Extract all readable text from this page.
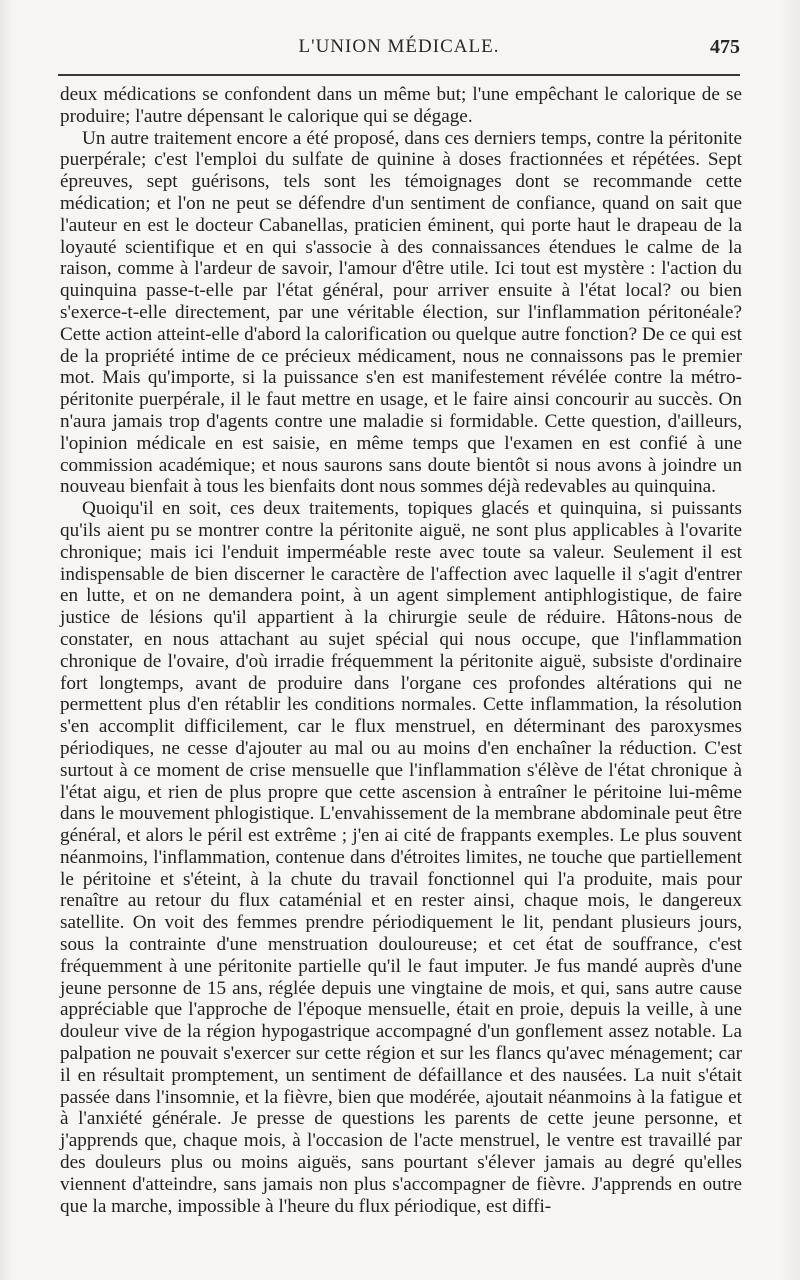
L'UNION MÉDICALE.	475

deux médications se confondent dans un même but; l'une empêchant le calorique de se produire; l'autre dépensant le calorique qui se dégage.

Un autre traitement encore a été proposé, dans ces derniers temps, contre la péritonite puerpérale; c'est l'emploi du sulfate de quinine à doses fractionnées et répétées. Sept épreuves, sept guérisons, tels sont les témoignages dont se recommande cette médication; et l'on ne peut se défendre d'un sentiment de confiance, quand on sait que l'auteur en est le docteur Cabanellas, praticien éminent, qui porte haut le drapeau de la loyauté scientifique et en qui s'associe à des connaissances étendues le calme de la raison, comme à l'ardeur de savoir, l'amour d'être utile. Ici tout est mystère : l'action du quinquina passe-t-elle par l'état général, pour arriver ensuite à l'état local? ou bien s'exerce-t-elle directement, par une véritable élection, sur l'inflammation péritonéale? Cette action atteint-elle d'abord la calorification ou quelque autre fonction? De ce qui est de la propriété intime de ce précieux médicament, nous ne connaissons pas le premier mot. Mais qu'importe, si la puissance s'en est manifestement révélée contre la métro-péritonite puerpérale, il le faut mettre en usage, et le faire ainsi concourir au succès. On n'aura jamais trop d'agents contre une maladie si formidable. Cette question, d'ailleurs, l'opinion médicale en est saisie, en même temps que l'examen en est confié à une commission académique; et nous saurons sans doute bientôt si nous avons à joindre un nouveau bienfait à tous les bienfaits dont nous sommes déjà redevables au quinquina.

Quoiqu'il en soit, ces deux traitements, topiques glacés et quinquina, si puissants qu'ils aient pu se montrer contre la péritonite aiguë, ne sont plus applicables à l'ovarite chronique; mais ici l'enduit imperméable reste avec toute sa valeur. Seulement il est indispensable de bien discerner le caractère de l'affection avec laquelle il s'agit d'entrer en lutte, et on ne demandera point, à un agent simplement antiphlogistique, de faire justice de lésions qu'il appartient à la chirurgie seule de réduire. Hâtons-nous de constater, en nous attachant au sujet spécial qui nous occupe, que l'inflammation chronique de l'ovaire, d'où irradie fréquemment la péritonite aiguë, subsiste d'ordinaire fort longtemps, avant de produire dans l'organe ces profondes altérations qui ne permettent plus d'en rétablir les conditions normales. Cette inflammation, la résolution s'en accomplit difficilement, car le flux menstruel, en déterminant des paroxysmes périodiques, ne cesse d'ajouter au mal ou au moins d'en enchaîner la réduction. C'est surtout à ce moment de crise mensuelle que l'inflammation s'élève de l'état chronique à l'état aigu, et rien de plus propre que cette ascension à entraîner le péritoine lui-même dans le mouvement phlogistique. L'envahissement de la membrane abdominale peut être général, et alors le péril est extrême ; j'en ai cité de frappants exemples. Le plus souvent néanmoins, l'inflammation, contenue dans d'étroites limites, ne touche que partiellement le péritoine et s'éteint, à la chute du travail fonctionnel qui l'a produite, mais pour renaître au retour du flux cataménial et en rester ainsi, chaque mois, le dangereux satellite. On voit des femmes prendre périodiquement le lit, pendant plusieurs jours, sous la contrainte d'une menstruation douloureuse; et cet état de souffrance, c'est fréquemment à une péritonite partielle qu'il le faut imputer. Je fus mandé auprès d'une jeune personne de 15 ans, réglée depuis une vingtaine de mois, et qui, sans autre cause appréciable que l'approche de l'époque mensuelle, était en proie, depuis la veille, à une douleur vive de la région hypogastrique accompagné d'un gonflement assez notable. La palpation ne pouvait s'exercer sur cette région et sur les flancs qu'avec ménagement; car il en résultait promptement, un sentiment de défaillance et des nausées. La nuit s'était passée dans l'insomnie, et la fièvre, bien que modérée, ajoutait néanmoins à la fatigue et à l'anxiété générale. Je presse de questions les parents de cette jeune personne, et j'apprends que, chaque mois, à l'occasion de l'acte menstruel, le ventre est travaillé par des douleurs plus ou moins aiguës, sans pourtant s'élever jamais au degré qu'elles viennent d'atteindre, sans jamais non plus s'accompagner de fièvre. J'apprends en outre que la marche, impossible à l'heure du flux périodique, est diffi-
